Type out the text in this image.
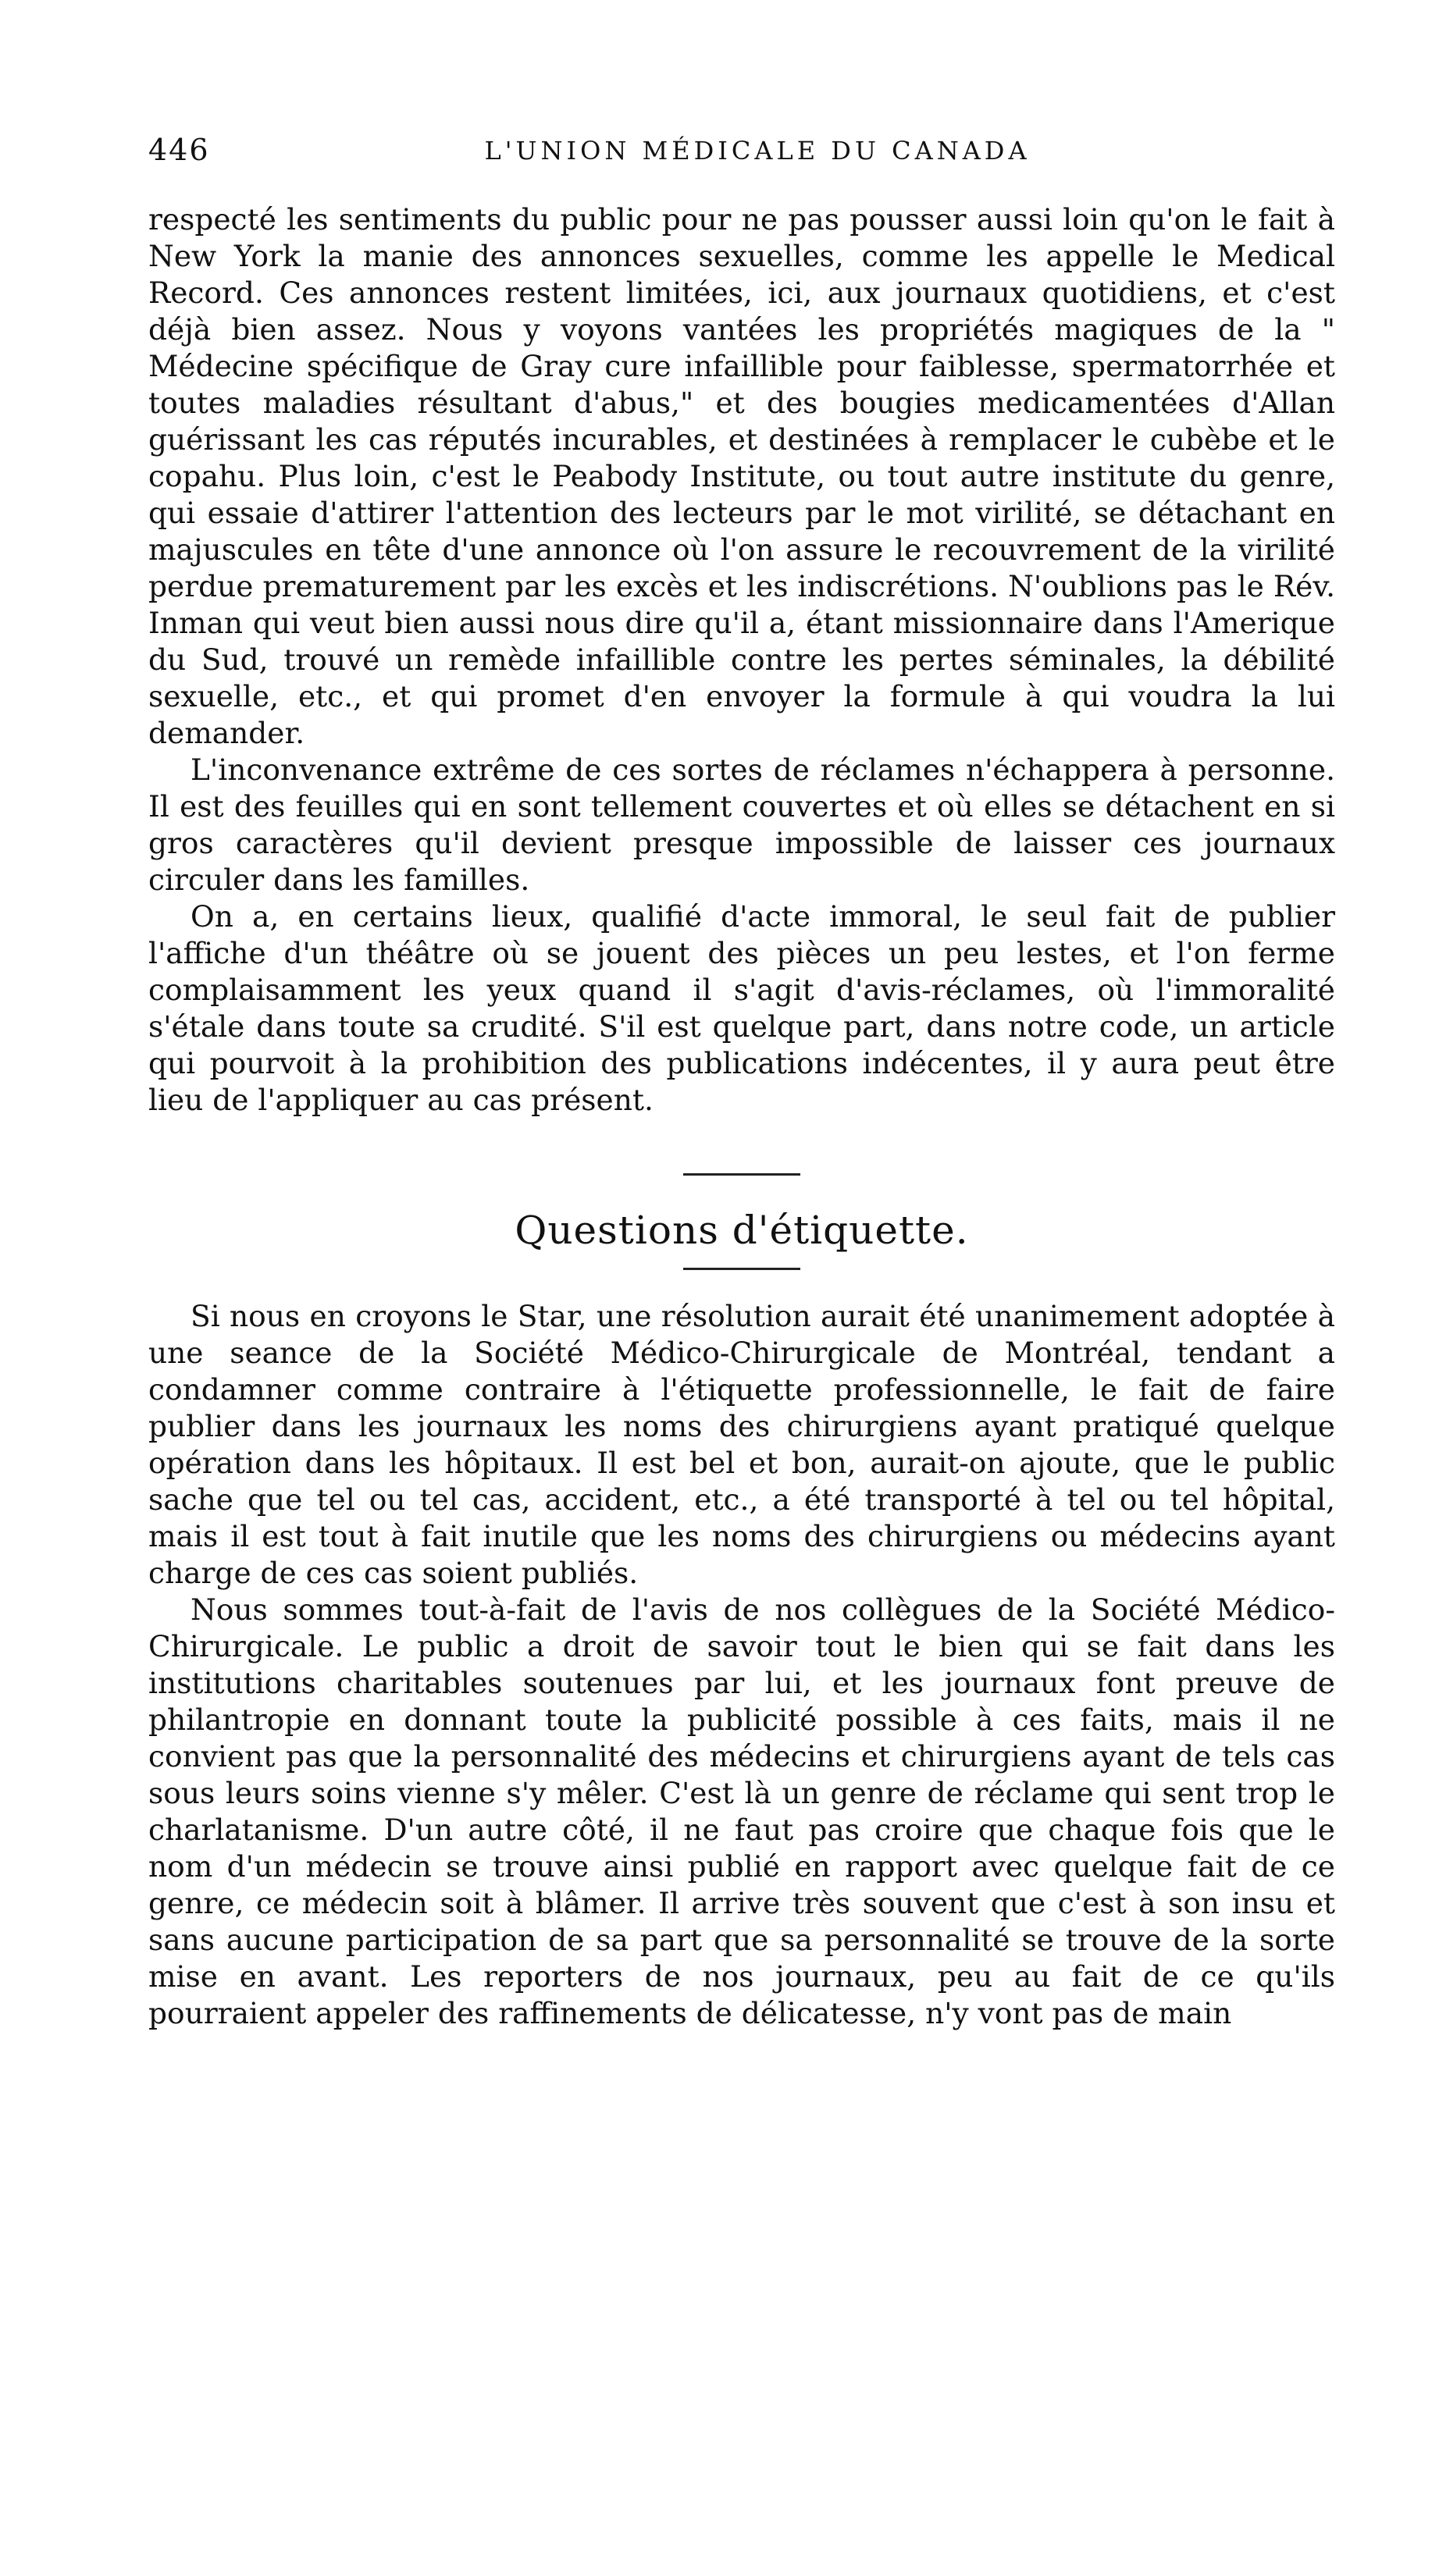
446	L'UNION MÉDICALE DU CANADA

respecté les sentiments du public pour ne pas pousser aussi loin qu'on le fait à New York la manie des annonces sexuelles, comme les appelle le Medical Record. Ces annonces restent limitées, ici, aux journaux quotidiens, et c'est déjà bien assez. Nous y voyons vantées les propriétés magiques de la " Médecine spécifique de Gray cure infaillible pour faiblesse, spermatorrhée et toutes maladies résultant d'abus," et des bougies medicamentées d'Allan guérissant les cas réputés incurables, et destinées à remplacer le cubèbe et le copahu. Plus loin, c'est le Peabody Institute, ou tout autre institute du genre, qui essaie d'attirer l'attention des lecteurs par le mot virilité, se détachant en majuscules en tête d'une annonce où l'on assure le recouvrement de la virilité perdue prematurement par les excès et les indiscrétions. N'oublions pas le Rév. Inman qui veut bien aussi nous dire qu'il a, étant missionnaire dans l'Amerique du Sud, trouvé un remède infaillible contre les pertes séminales, la débilité sexuelle, etc., et qui promet d'en envoyer la formule à qui voudra la lui demander.

L'inconvenance extrême de ces sortes de réclames n'échappera à personne. Il est des feuilles qui en sont tellement couvertes et où elles se détachent en si gros caractères qu'il devient presque impossible de laisser ces journaux circuler dans les familles.

On a, en certains lieux, qualifié d'acte immoral, le seul fait de publier l'affiche d'un théâtre où se jouent des pièces un peu lestes, et l'on ferme complaisamment les yeux quand il s'agit d'avis-réclames, où l'immoralité s'étale dans toute sa crudité. S'il est quelque part, dans notre code, un article qui pourvoit à la prohibition des publications indécentes, il y aura peut être lieu de l'appliquer au cas présent.

Questions d'étiquette.

Si nous en croyons le Star, une résolution aurait été unanimement adoptée à une seance de la Société Médico-Chirurgicale de Montréal, tendant a condamner comme contraire à l'étiquette professionnelle, le fait de faire publier dans les journaux les noms des chirurgiens ayant pratiqué quelque opération dans les hôpitaux. Il est bel et bon, aurait-on ajoute, que le public sache que tel ou tel cas, accident, etc., a été transporté à tel ou tel hôpital, mais il est tout à fait inutile que les noms des chirurgiens ou médecins ayant charge de ces cas soient publiés.

Nous sommes tout-à-fait de l'avis de nos collègues de la Société Médico-Chirurgicale. Le public a droit de savoir tout le bien qui se fait dans les institutions charitables soutenues par lui, et les journaux font preuve de philantropie en donnant toute la publicité possible à ces faits, mais il ne convient pas que la personnalité des médecins et chirurgiens ayant de tels cas sous leurs soins vienne s'y mêler. C'est là un genre de réclame qui sent trop le charlatanisme. D'un autre côté, il ne faut pas croire que chaque fois que le nom d'un médecin se trouve ainsi publié en rapport avec quelque fait de ce genre, ce médecin soit à blâmer. Il arrive très souvent que c'est à son insu et sans aucune participation de sa part que sa personnalité se trouve de la sorte mise en avant. Les reporters de nos journaux, peu au fait de ce qu'ils pourraient appeler des raffinements de délicatesse, n'y vont pas de main
